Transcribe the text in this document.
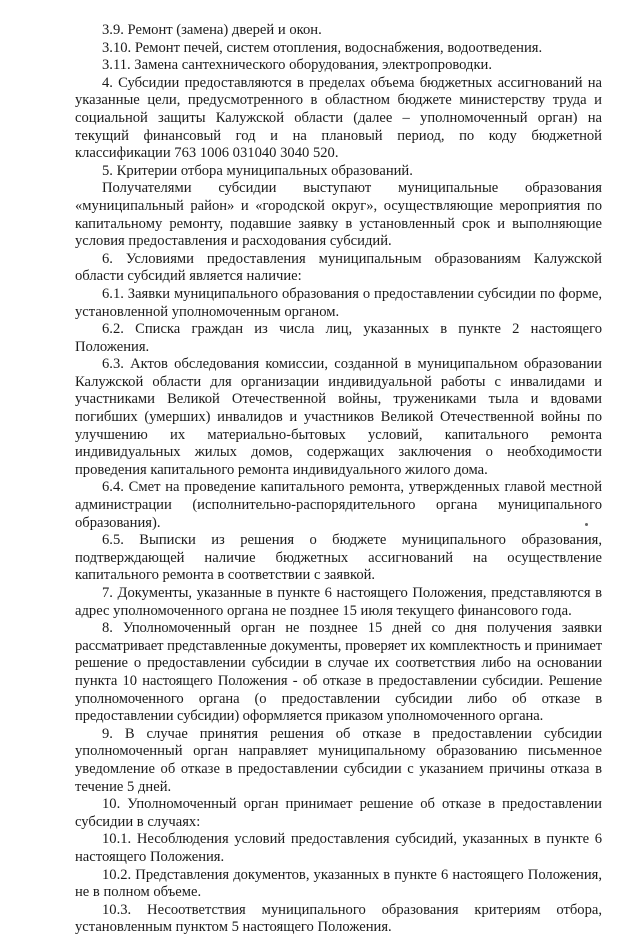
3.9. Ремонт (замена) дверей и окон.

3.10. Ремонт печей, систем отопления, водоснабжения, водоотведения.

3.11. Замена сантехнического оборудования, электропроводки.

4. Субсидии предоставляются в пределах объема бюджетных ассигнований на указанные цели, предусмотренного в областном бюджете министерству труда и социальной защиты Калужской области (далее – уполномоченный орган) на текущий финансовый год и на плановый период, по коду бюджетной классификации 763 1006 031040 3040 520.

5. Критерии отбора муниципальных образований.

Получателями субсидии выступают муниципальные образования «муниципальный район» и «городской округ», осуществляющие мероприятия по капитальному ремонту, подавшие заявку в установленный срок и выполняющие условия предоставления и расходования субсидий.

6. Условиями предоставления муниципальным образованиям Калужской области субсидий является наличие:

6.1. Заявки муниципального образования о предоставлении субсидии по форме, установленной уполномоченным органом.

6.2. Списка граждан из числа лиц, указанных в пункте 2 настоящего Положения.

6.3. Актов обследования комиссии, созданной в муниципальном образовании Калужской области для организации индивидуальной работы с инвалидами и участниками Великой Отечественной войны, тружениками тыла и вдовами погибших (умерших) инвалидов и участников Великой Отечественной войны по улучшению их материально-бытовых условий, капитального ремонта индивидуальных жилых домов, содержащих заключения о необходимости проведения капитального ремонта индивидуального жилого дома.

6.4. Смет на проведение капитального ремонта, утвержденных главой местной администрации (исполнительно-распорядительного органа муниципального образования).

6.5. Выписки из решения о бюджете муниципального образования, подтверждающей наличие бюджетных ассигнований на осуществление капитального ремонта в соответствии с заявкой.

7. Документы, указанные в пункте 6 настоящего Положения, представляются в адрес уполномоченного органа не позднее 15 июля текущего финансового года.

8. Уполномоченный орган не позднее 15 дней со дня получения заявки рассматривает представленные документы, проверяет их комплектность и принимает решение о предоставлении субсидии в случае их соответствия либо на основании пункта 10 настоящего Положения - об отказе в предоставлении субсидии. Решение уполномоченного органа (о предоставлении субсидии либо об отказе в предоставлении субсидии) оформляется приказом уполномоченного органа.

9. В случае принятия решения об отказе в предоставлении субсидии уполномоченный орган направляет муниципальному образованию письменное уведомление об отказе в предоставлении субсидии с указанием причины отказа в течение 5 дней.

10. Уполномоченный орган принимает решение об отказе в предоставлении субсидии в случаях:

10.1. Несоблюдения условий предоставления субсидий, указанных в пункте 6 настоящего Положения.

10.2. Представления документов, указанных в пункте 6 настоящего Положения, не в полном объеме.

10.3. Несоответствия муниципального образования критериям отбора, установленным пунктом 5 настоящего Положения.
